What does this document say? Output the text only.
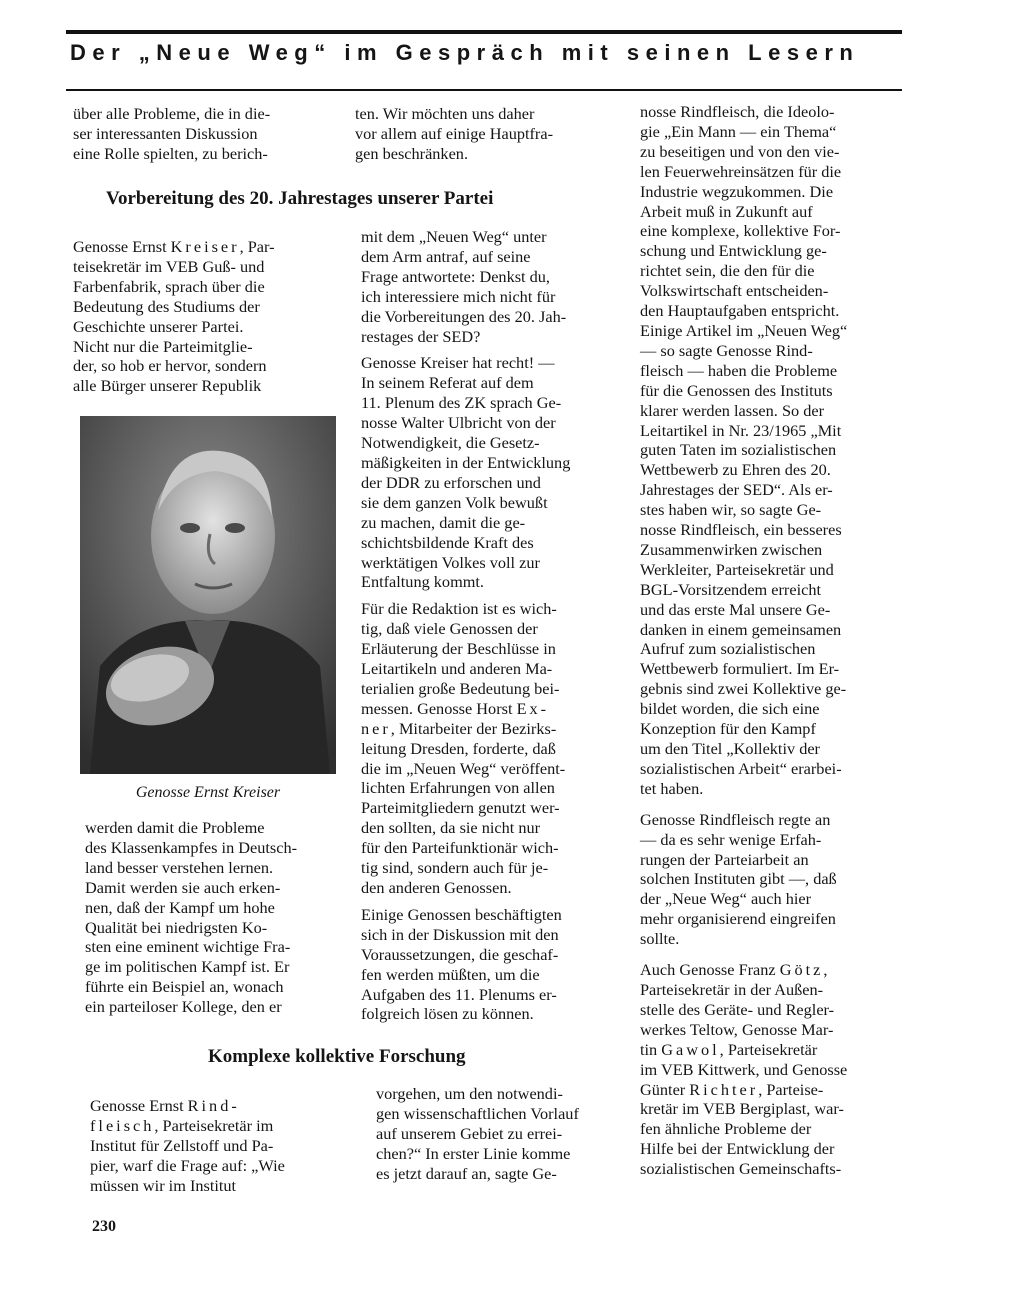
Der „Neue Weg“ im Gespräch mit seinen Lesern
über alle Probleme, die in die-
ser interessanten Diskussion
eine Rolle spielten, zu berich-
ten. Wir möchten uns daher
vor allem auf einige Hauptfra-
gen beschränken.
Vorbereitung des 20. Jahrestages unserer Partei
Genosse Ernst Kreiser, Par-
teisekretär im VEB Guß- und
Farbenfabrik, sprach über die
Bedeutung des Studiums der
Geschichte unserer Partei.
Nicht nur die Parteimitglie-
der, so hob er hervor, sondern
alle Bürger unserer Republik
Genosse Ernst Kreiser
werden damit die Probleme
des Klassenkampfes in Deutsch-
land besser verstehen lernen.
Damit werden sie auch erken-
nen, daß der Kampf um hohe
Qualität bei niedrigsten Ko-
sten eine eminent wichtige Fra-
ge im politischen Kampf ist. Er
führte ein Beispiel an, wonach
ein parteiloser Kollege, den er
mit dem „Neuen Weg“ unter
dem Arm antraf, auf seine
Frage antwortete: Denkst du,
ich interessiere mich nicht für
die Vorbereitungen des 20. Jah-
restages der SED?
Genosse Kreiser hat recht! —
In seinem Referat auf dem
11. Plenum des ZK sprach Ge-
nosse Walter Ulbricht von der
Notwendigkeit, die Gesetz-
mäßigkeiten in der Entwicklung
der DDR zu erforschen und
sie dem ganzen Volk bewußt
zu machen, damit die ge-
schichtsbildende Kraft des
werktätigen Volkes voll zur
Entfaltung kommt.
Für die Redaktion ist es wich-
tig, daß viele Genossen der
Erläuterung der Beschlüsse in
Leitartikeln und anderen Ma-
terialien große Bedeutung bei-
messen. Genosse Horst Ex-
ner, Mitarbeiter der Bezirks-
leitung Dresden, forderte, daß
die im „Neuen Weg“ veröffent-
lichten Erfahrungen von allen
Parteimitgliedern genutzt wer-
den sollten, da sie nicht nur
für den Parteifunktionär wich-
tig sind, sondern auch für je-
den anderen Genossen.
Einige Genossen beschäftigten
sich in der Diskussion mit den
Voraussetzungen, die geschaf-
fen werden müßten, um die
Aufgaben des 11. Plenums er-
folgreich lösen zu können.
nosse Rindfleisch, die Ideolo-
gie „Ein Mann — ein Thema“
zu beseitigen und von den vie-
len Feuerwehreinsätzen für die
Industrie wegzukommen. Die
Arbeit muß in Zukunft auf
eine komplexe, kollektive For-
schung und Entwicklung ge-
richtet sein, die den für die
Volkswirtschaft entscheiden-
den Hauptaufgaben entspricht.
Einige Artikel im „Neuen Weg“
— so sagte Genosse Rind-
fleisch — haben die Probleme
für die Genossen des Instituts
klarer werden lassen. So der
Leitartikel in Nr. 23/1965 „Mit
guten Taten im sozialistischen
Wettbewerb zu Ehren des 20.
Jahrestages der SED“. Als er-
stes haben wir, so sagte Ge-
nosse Rindfleisch, ein besseres
Zusammenwirken zwischen
Werkleiter, Parteisekretär und
BGL-Vorsitzendem erreicht
und das erste Mal unsere Ge-
danken in einem gemeinsamen
Aufruf zum sozialistischen
Wettbewerb formuliert. Im Er-
gebnis sind zwei Kollektive ge-
bildet worden, die sich eine
Konzeption für den Kampf
um den Titel „Kollektiv der
sozialistischen Arbeit“ erarbei-
tet haben.
Genosse Rindfleisch regte an
— da es sehr wenige Erfah-
rungen der Parteiarbeit an
solchen Instituten gibt —, daß
der „Neue Weg“ auch hier
mehr organisierend eingreifen
sollte.
Auch Genosse Franz Götz,
Parteisekretär in der Außen-
stelle des Geräte- und Regler-
werkes Teltow, Genosse Mar-
tin Gawol, Parteisekretär
im VEB Kittwerk, und Genosse
Günter Richter, Parteise-
kretär im VEB Bergiplast, war-
fen ähnliche Probleme der
Hilfe bei der Entwicklung der
sozialistischen Gemeinschafts-
Komplexe kollektive Forschung
Genosse Ernst Rind-
fleisch, Parteisekretär im
Institut für Zellstoff und Pa-
pier, warf die Frage auf: „Wie
müssen wir im Institut
vorgehen, um den notwendi-
gen wissenschaftlichen Vorlauf
auf unserem Gebiet zu errei-
chen?“ In erster Linie komme
es jetzt darauf an, sagte Ge-
230
